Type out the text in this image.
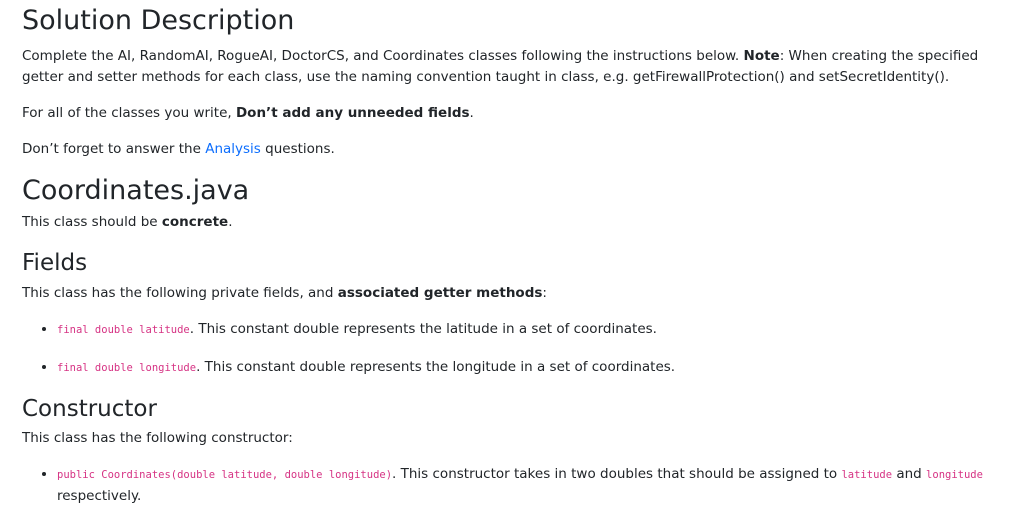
Solution Description

Complete the AI, RandomAI, RogueAI, DoctorCS, and Coordinates classes following the instructions below. Note: When creating the specified getter and setter methods for each class, use the naming convention taught in class, e.g. getFirewallProtection() and setSecretIdentity().

For all of the classes you write, Don’t add any unneeded fields.

Don’t forget to answer the Analysis questions.

Coordinates.java

This class should be concrete.

Fields

This class has the following private fields, and associated getter methods:

• final double latitude. This constant double represents the latitude in a set of coordinates.
• final double longitude. This constant double represents the longitude in a set of coordinates.
Constructor

This class has the following constructor:

• public Coordinates(double latitude, double longitude). This constructor takes in two doubles that should be assigned to latitude and longitude respectively.
